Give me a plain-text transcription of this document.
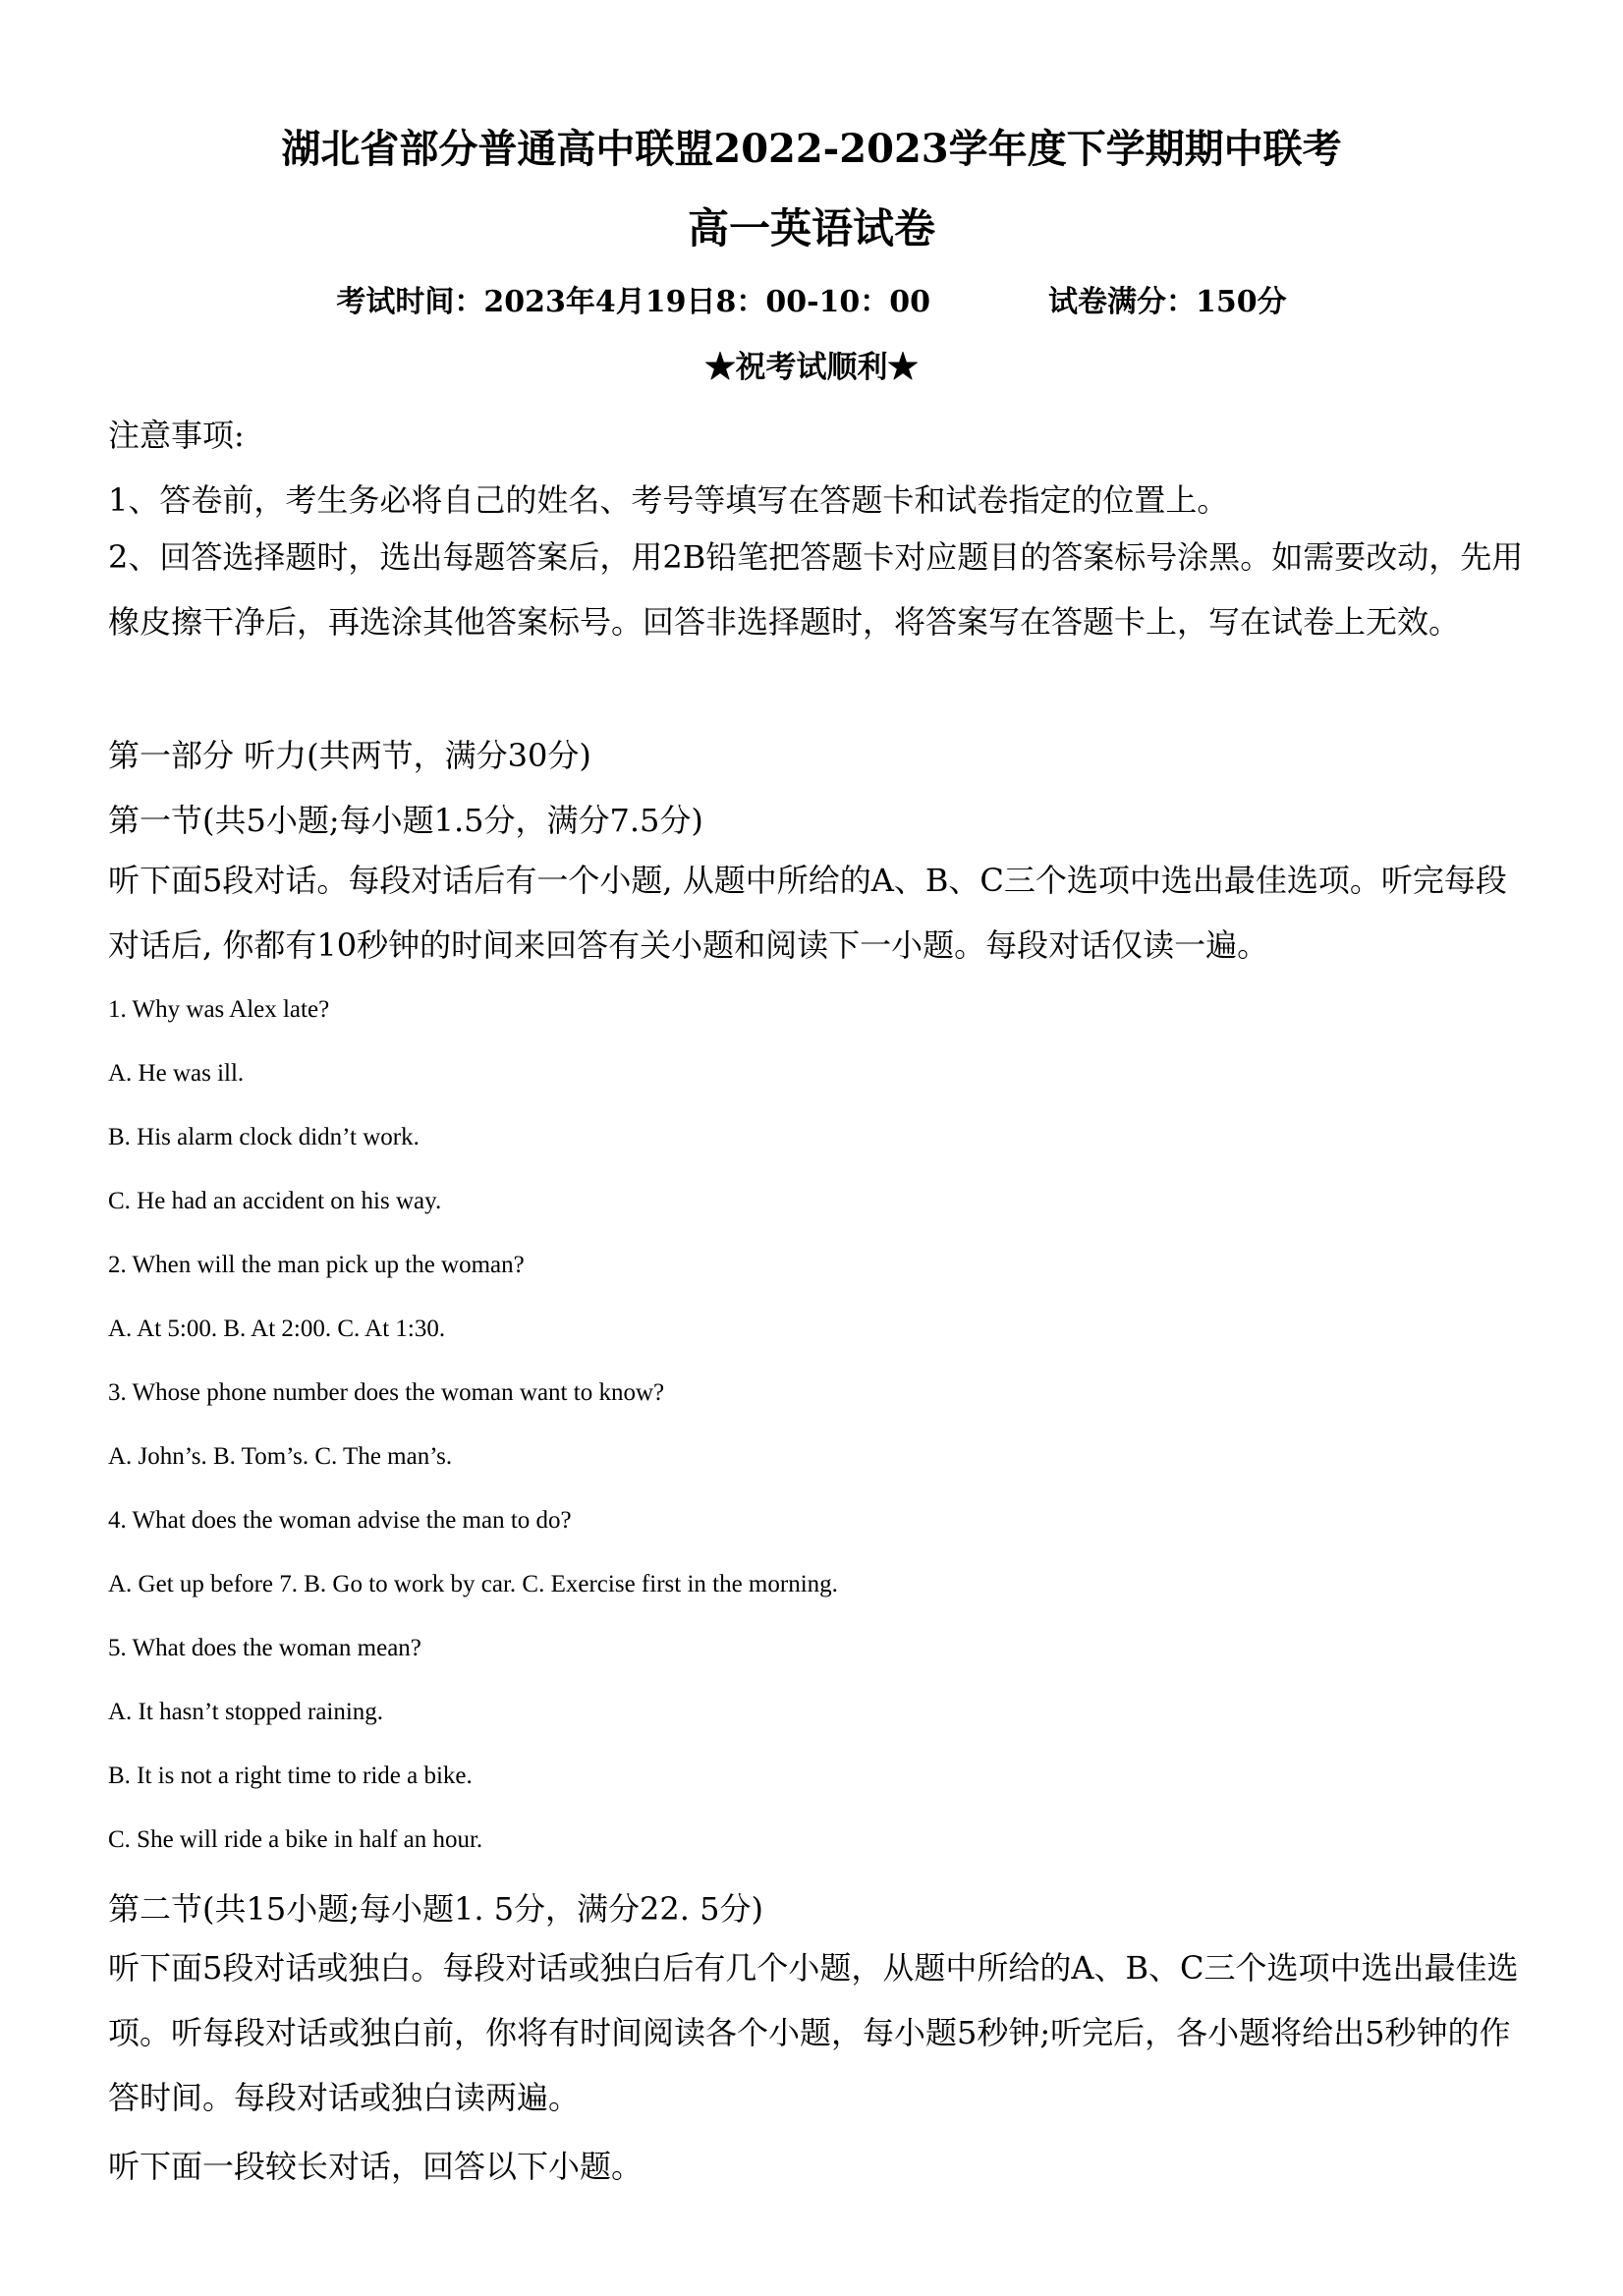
湖北省部分普通高中联盟2022-2023学年度下学期期中联考

高一英语试卷

考试时间：2023年4月19日8：00-10：00	试卷满分：150分

★祝考试顺利★

注意事项:

1、答卷前，考生务必将自己的姓名、考号等填写在答题卡和试卷指定的位置上。

2、回答选择题时，选出每题答案后，用2B铅笔把答题卡对应题目的答案标号涂黑。如需要改动，先用橡皮擦干净后，再选涂其他答案标号。回答非选择题时，将答案写在答题卡上，写在试卷上无效。

第一部分 听力(共两节，满分30分)

第一节(共5小题;每小题1.5分，满分7.5分)

听下面5段对话。每段对话后有一个小题, 从题中所给的A、B、C三个选项中选出最佳选项。听完每段对话后, 你都有10秒钟的时间来回答有关小题和阅读下一小题。每段对话仅读一遍。

1. Why was Alex late?

A. He was ill.

B. His alarm clock didn’t work.

C. He had an accident on his way.

2. When will the man pick up the woman?

A. At 5:00. B. At 2:00. C. At 1:30.

3. Whose phone number does the woman want to know?

A. John’s. B. Tom’s. C. The man’s.

4. What does the woman advise the man to do?

A. Get up before 7. B. Go to work by car. C. Exercise first in the morning.

5. What does the woman mean?

A. It hasn’t stopped raining.

B. It is not a right time to ride a bike.

C. She will ride a bike in half an hour.

第二节(共15小题;每小题1. 5分，满分22. 5分)

听下面5段对话或独白。每段对话或独白后有几个小题，从题中所给的A、B、C三个选项中选出最佳选项。听每段对话或独白前，你将有时间阅读各个小题，每小题5秒钟;听完后，各小题将给出5秒钟的作答时间。每段对话或独白读两遍。

听下面一段较长对话，回答以下小题。
